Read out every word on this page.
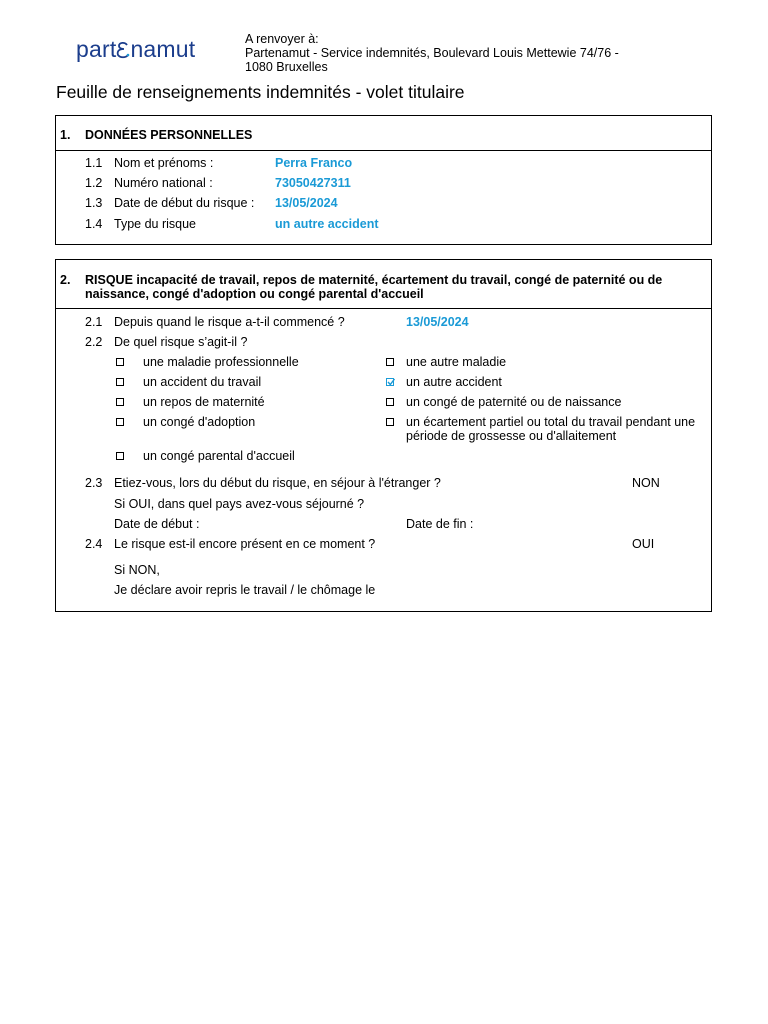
part namut	A renvoyer à:
Partenamut - Service indemnités, Boulevard Louis Mettewie 74/76 -
1080 Bruxelles
Feuille de renseignements indemnités - volet titulaire
1. DONNÉES PERSONNELLES
1.1 Nom et prénoms :	Perra Franco
1.2 Numéro national :	73050427311
1.3 Date de début du risque : 13/05/2024
1.4 Type du risque	un autre accident
2. RISQUE incapacité de travail, repos de maternité, écartement du travail, congé de paternité ou de naissance, congé d'adoption ou congé parental d'accueil
2.1 Depuis quand le risque a-t-il commencé ?	13/05/2024
2.2 De quel risque s’agit-il ?
une maladie professionnelle	une autre maladie
un accident du travail	un autre accident
un repos de maternité	un congé de paternité ou de naissance
un congé d'adoption	un écartement partiel ou total du travail pendant une période de grossesse ou d'allaitement
un congé parental d'accueil
2.3 Etiez-vous, lors du début du risque, en séjour à l'étranger ?	NON
Si OUI, dans quel pays avez-vous séjourné ?
Date de début :	Date de fin :
2.4 Le risque est-il encore présent en ce moment ?	OUI
Si NON,
Je déclare avoir repris le travail / le chômage le
